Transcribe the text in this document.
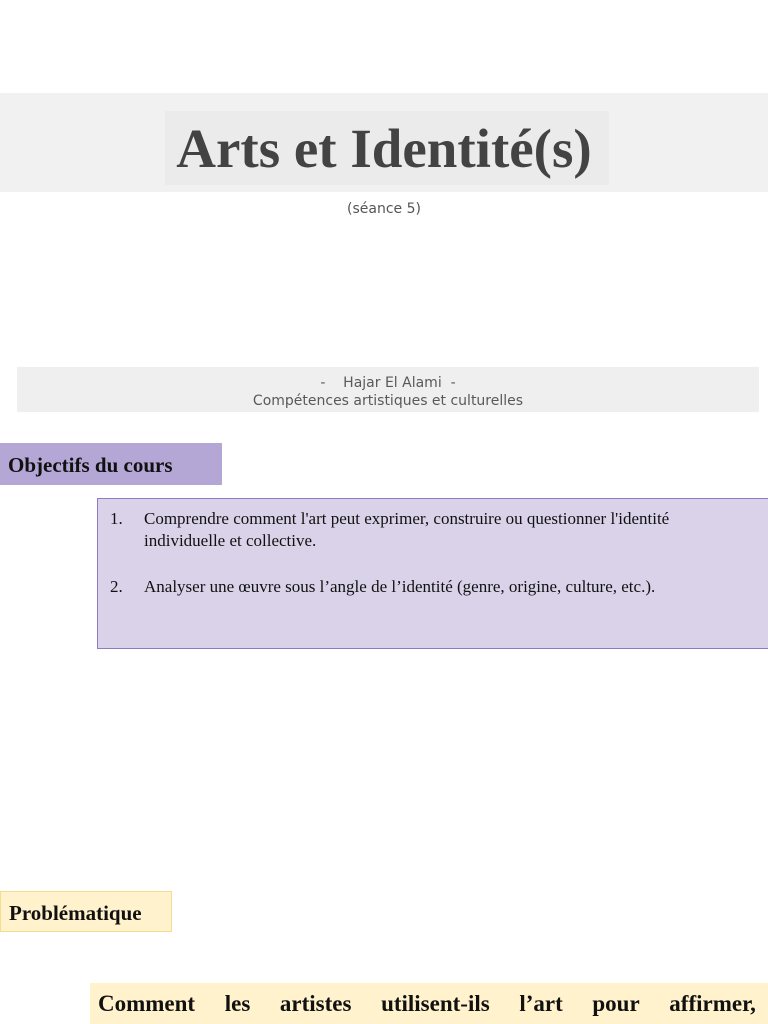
Arts et Identité(s)
(séance 5)
-    Hajar El Alami  -
Compétences artistiques et culturelles
Objectifs du cours
1.	Comprendre comment l'art peut exprimer, construire ou questionner l'identité individuelle et collective.
2.	Analyser une œuvre sous l’angle de l’identité (genre, origine, culture, etc.).
Problématique
Comment les artistes utilisent-ils l’art pour affirmer,
